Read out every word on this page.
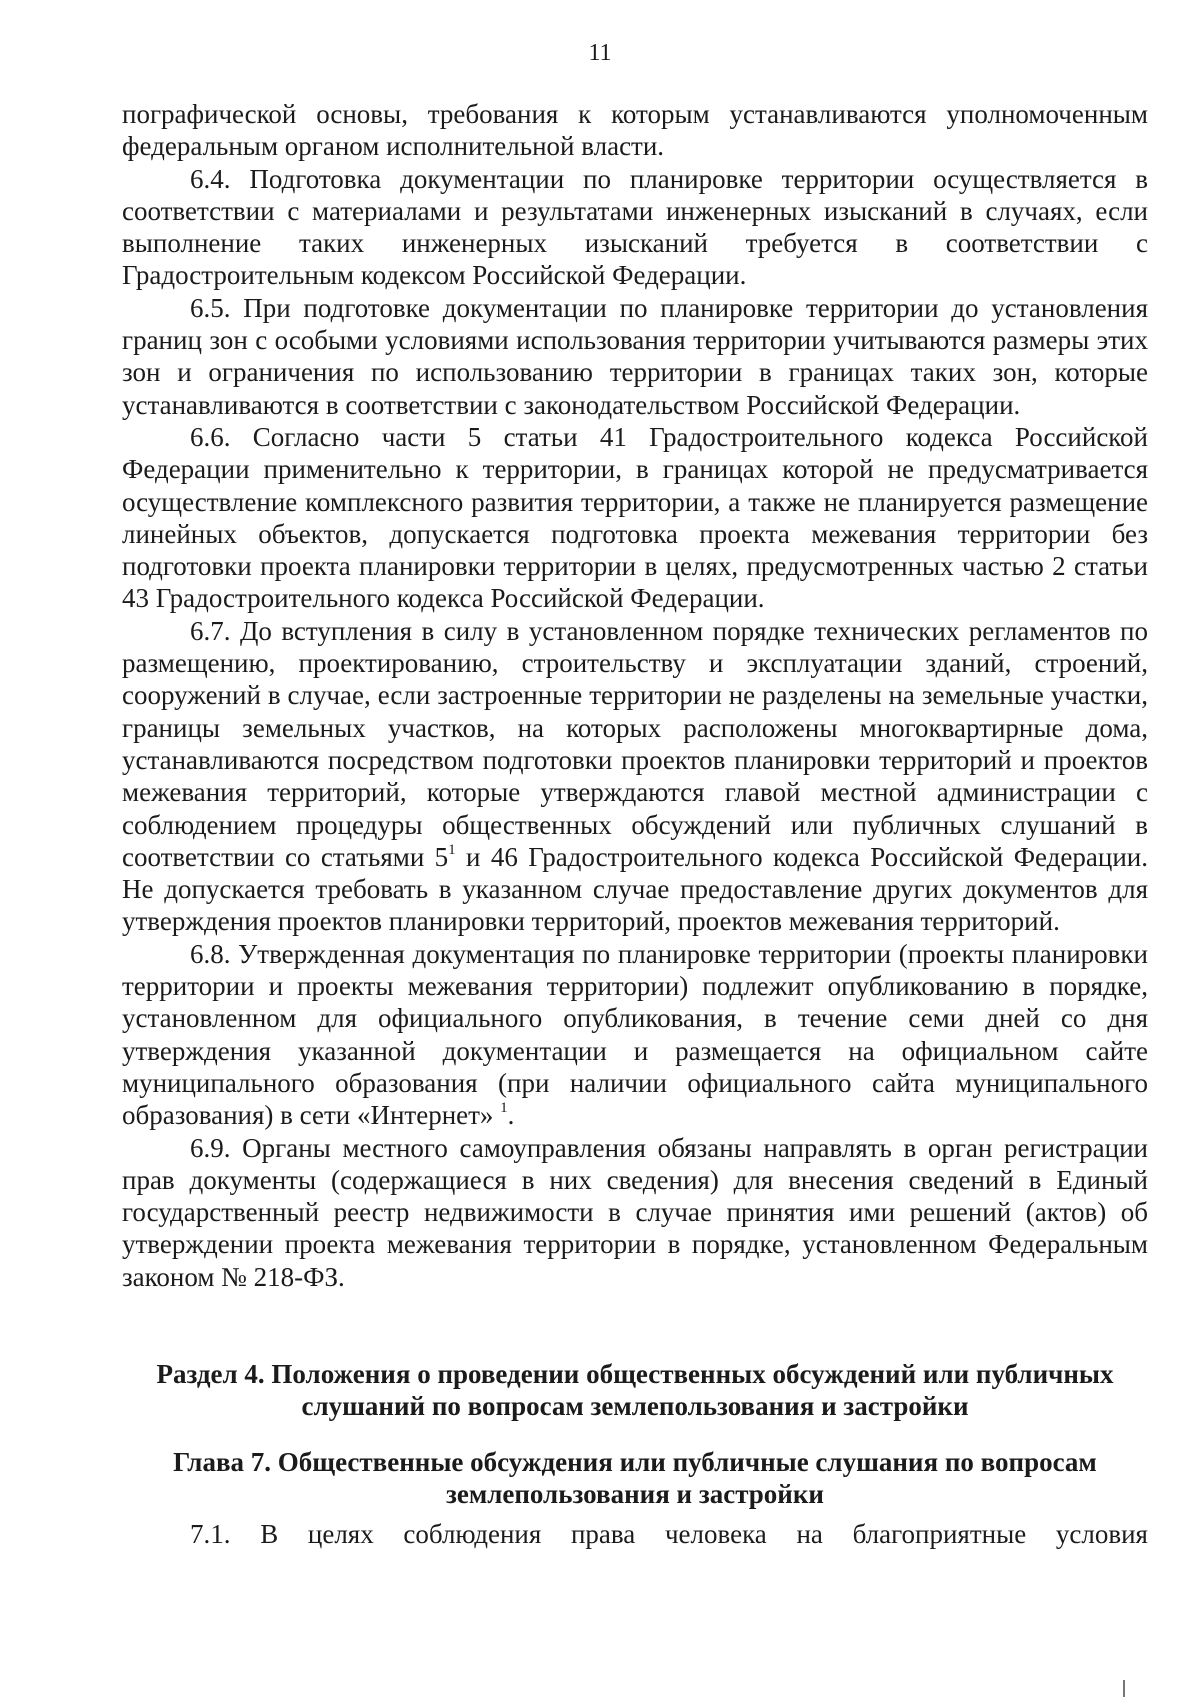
11

пографической основы, требования к которым устанавливаются уполномоченным федеральным органом исполнительной власти.

6.4. Подготовка документации по планировке территории осуществляется в соответствии с материалами и результатами инженерных изысканий в случаях, если выполнение таких инженерных изысканий требуется в соответствии с Градостроительным кодексом Российской Федерации.

6.5. При подготовке документации по планировке территории до установления границ зон с особыми условиями использования территории учитываются размеры этих зон и ограничения по использованию территории в границах таких зон, которые устанавливаются в соответствии с законодательством Российской Федерации.

6.6. Согласно части 5 статьи 41 Градостроительного кодекса Российской Федерации применительно к территории, в границах которой не предусматривается осуществление комплексного развития территории, а также не планируется размещение линейных объектов, допускается подготовка проекта межевания территории без подготовки проекта планировки территории в целях, предусмотренных частью 2 статьи 43 Градостроительного кодекса Российской Федерации.

6.7. До вступления в силу в установленном порядке технических регламентов по размещению, проектированию, строительству и эксплуатации зданий, строений, сооружений в случае, если застроенные территории не разделены на земельные участки, границы земельных участков, на которых расположены многоквартирные дома, устанавливаются посредством подготовки проектов планировки территорий и проектов межевания территорий, которые утверждаются главой местной администрации с соблюдением процедуры общественных обсуждений или публичных слушаний в соответствии со статьями $5^1$ и 46 Градостроительного кодекса Российской Федерации. Не допускается требовать в указанном случае предоставление других документов для утверждения проектов планировки территорий, проектов межевания территорий.

6.8. Утвержденная документация по планировке территории (проекты планировки территории и проекты межевания территории) подлежит опубликованию в порядке, установленном для официального опубликования, в течение семи дней со дня утверждения указанной документации и размещается на официальном сайте муниципального образования (при наличии официального сайта муниципального образования) в сети «Интернет» $^1$.

6.9. Органы местного самоуправления обязаны направлять в орган регистрации прав документы (содержащиеся в них сведения) для внесения сведений в Единый государственный реестр недвижимости в случае принятия ими решений (актов) об утверждении проекта межевания территории в порядке, установленном Федеральным законом № 218-ФЗ.

Раздел 4. Положения о проведении общественных обсуждений или публичных
слушаний по вопросам землепользования и застройки
Глава 7. Общественные обсуждения или публичные слушания по вопросам
землепользования и застройки
7.1. В целях соблюдения права человека на благоприятные условия
